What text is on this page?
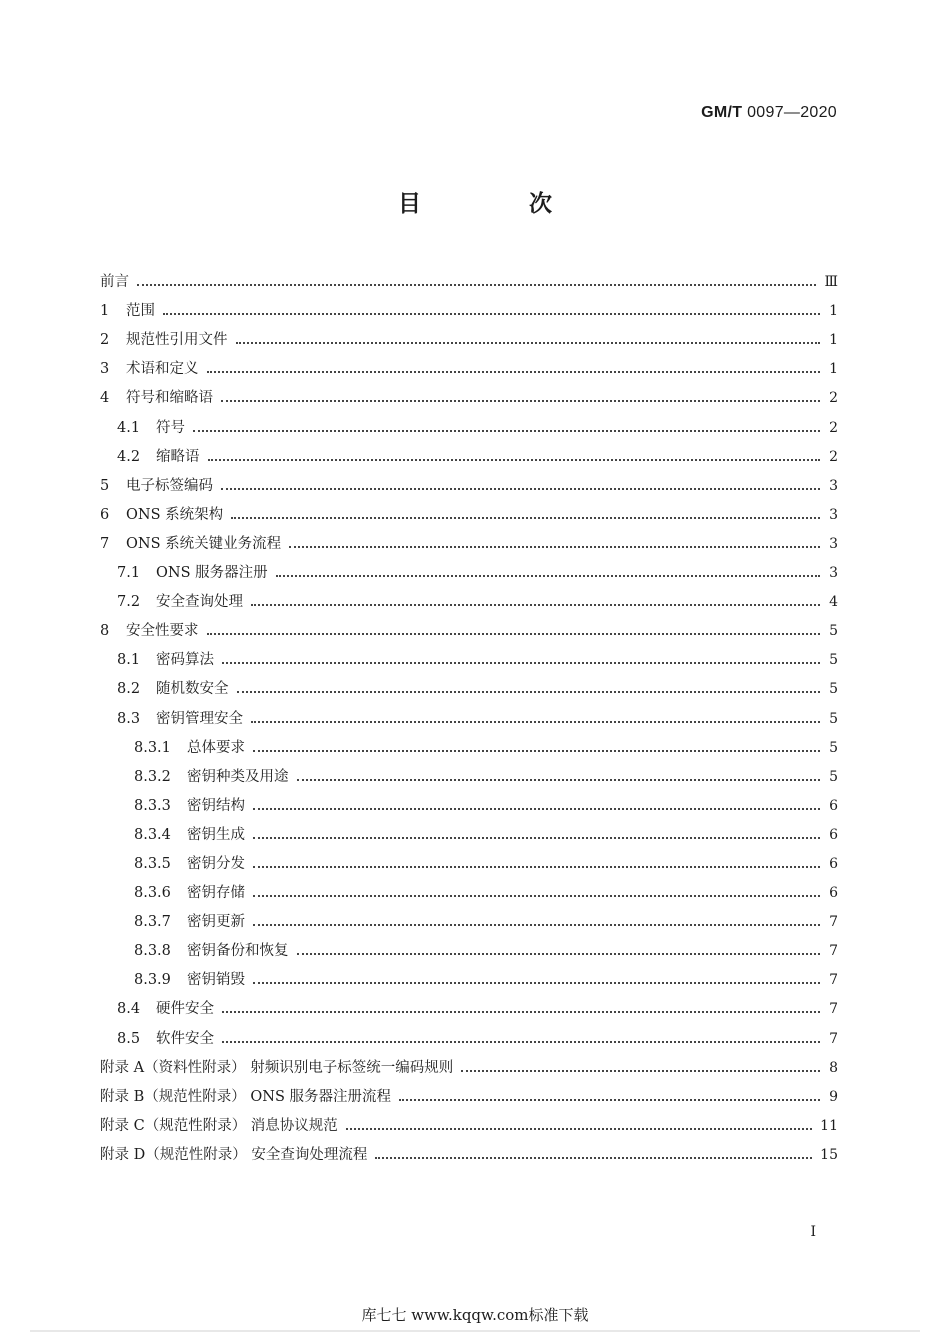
GM/T 0097—2020
目 次
前言	Ⅲ
1	范围	1
2	规范性引用文件	1
3	术语和定义	1
4	符号和缩略语	2
4.1	符号	2
4.2	缩略语	2
5	电子标签编码	3
6	ONS 系统架构	3
7	ONS 系统关键业务流程	3
7.1	ONS 服务器注册	3
7.2	安全查询处理	4
8	安全性要求	5
8.1	密码算法	5
8.2	随机数安全	5
8.3	密钥管理安全	5
8.3.1	总体要求	5
8.3.2	密钥种类及用途	5
8.3.3	密钥结构	6
8.3.4	密钥生成	6
8.3.5	密钥分发	6
8.3.6	密钥存储	6
8.3.7	密钥更新	7
8.3.8	密钥备份和恢复	7
8.3.9	密钥销毁	7
8.4	硬件安全	7
8.5	软件安全	7
附录 A（资料性附录） 射频识别电子标签统一编码规则	8
附录 B（规范性附录） ONS 服务器注册流程	9
附录 C（规范性附录） 消息协议规范	11
附录 D（规范性附录） 安全查询处理流程	15
I
库七七 www.kqqw.com标准下载
